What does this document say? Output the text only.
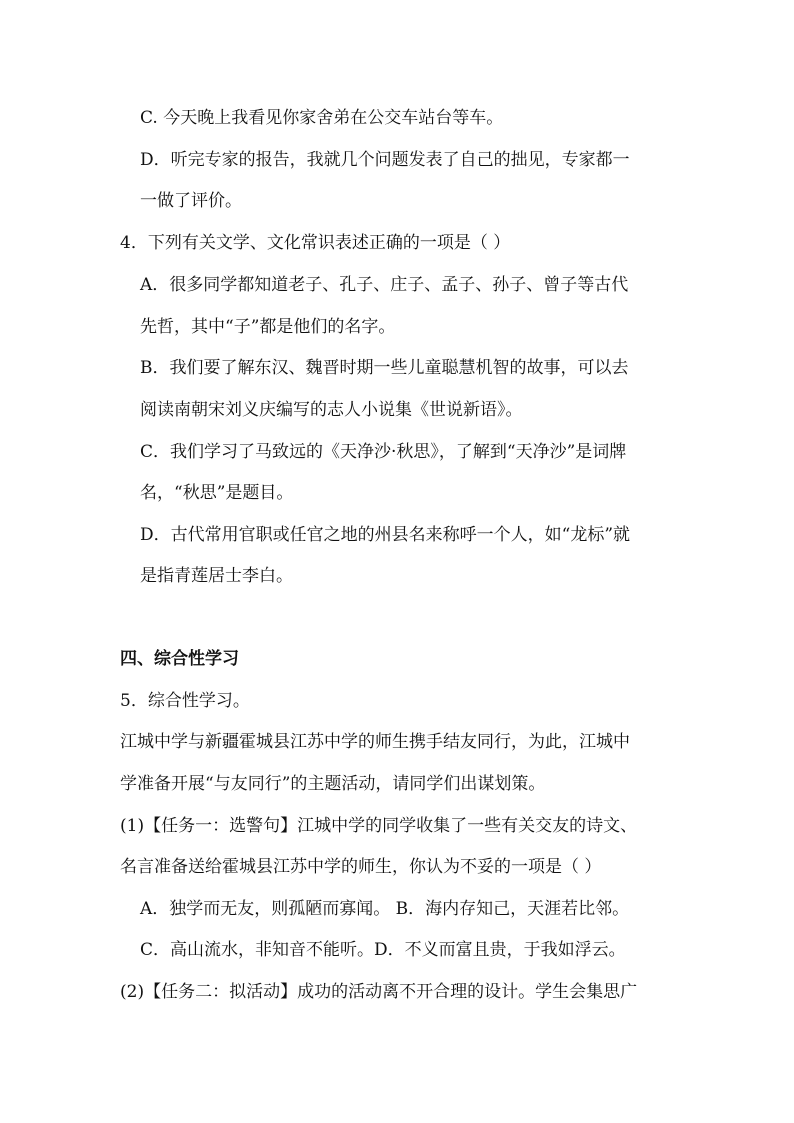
C. 今天晚上我看见你家舍弟在公交车站台等车。
D．听完专家的报告，我就几个问题发表了自己的拙见，专家都一
一做了评价。
4．下列有关文学、文化常识表述正确的一项是（ ）
A．很多同学都知道老子、孔子、庄子、孟子、孙子、曾子等古代
先哲，其中“子”都是他们的名字。
B．我们要了解东汉、魏晋时期一些儿童聪慧机智的故事，可以去
阅读南朝宋刘义庆编写的志人小说集《世说新语》。
C．我们学习了马致远的《天净沙·秋思》，了解到“天净沙”是词牌
名，“秋思”是题目。
D．古代常用官职或任官之地的州县名来称呼一个人，如“龙标”就
是指青莲居士李白。
四、综合性学习
5．综合性学习。
江城中学与新疆霍城县江苏中学的师生携手结友同行，为此，江城中
学准备开展“与友同行”的主题活动，请同学们出谋划策。
(1)【任务一：选警句】江城中学的同学收集了一些有关交友的诗文、
名言准备送给霍城县江苏中学的师生，你认为不妥的一项是（ ）
A．独学而无友，则孤陋而寡闻。 B．海内存知己，天涯若比邻。
C．高山流水，非知音不能听。D．不义而富且贵，于我如浮云。
(2)【任务二：拟活动】成功的活动离不开合理的设计。学生会集思广
